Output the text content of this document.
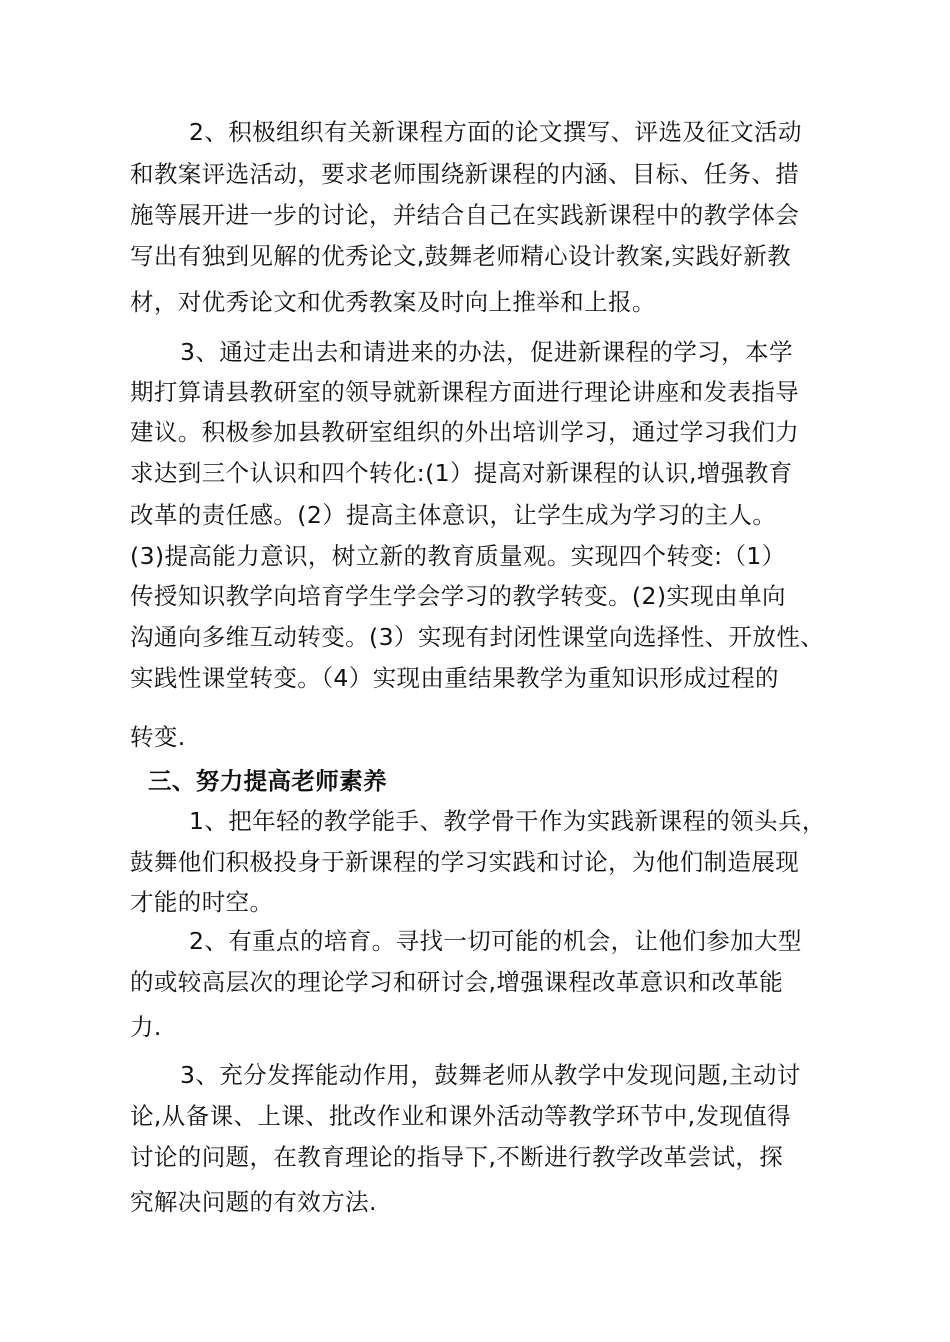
2、积极组织有关新课程方面的论文撰写、评选及征文活动

和教案评选活动，要求老师围绕新课程的内涵、目标、任务、措

施等展开进一步的讨论，并结合自己在实践新课程中的教学体会

写出有独到见解的优秀论文,鼓舞老师精心设计教案,实践好新教

材，对优秀论文和优秀教案及时向上推举和上报。

3、通过走出去和请进来的办法，促进新课程的学习，本学

期打算请县教研室的领导就新课程方面进行理论讲座和发表指导

建议。积极参加县教研室组织的外出培训学习，通过学习我们力

求达到三个认识和四个转化:(1）提高对新课程的认识,增强教育

改革的责任感。(2）提高主体意识，让学生成为学习的主人。

(3)提高能力意识，树立新的教育质量观。实现四个转变:（1）

传授知识教学向培育学生学会学习的教学转变。(2)实现由单向

沟通向多维互动转变。(3）实现有封闭性课堂向选择性、开放性、

实践性课堂转变。（4）实现由重结果教学为重知识形成过程的

转变.

三、努力提高老师素养

1、把年轻的教学能手、教学骨干作为实践新课程的领头兵，

鼓舞他们积极投身于新课程的学习实践和讨论，为他们制造展现

才能的时空。

2、有重点的培育。寻找一切可能的机会，让他们参加大型

的或较高层次的理论学习和研讨会,增强课程改革意识和改革能

力.

3、充分发挥能动作用，鼓舞老师从教学中发现问题,主动讨

论,从备课、上课、批改作业和课外活动等教学环节中,发现值得

讨论的问题，在教育理论的指导下,不断进行教学改革尝试，探

究解决问题的有效方法.
